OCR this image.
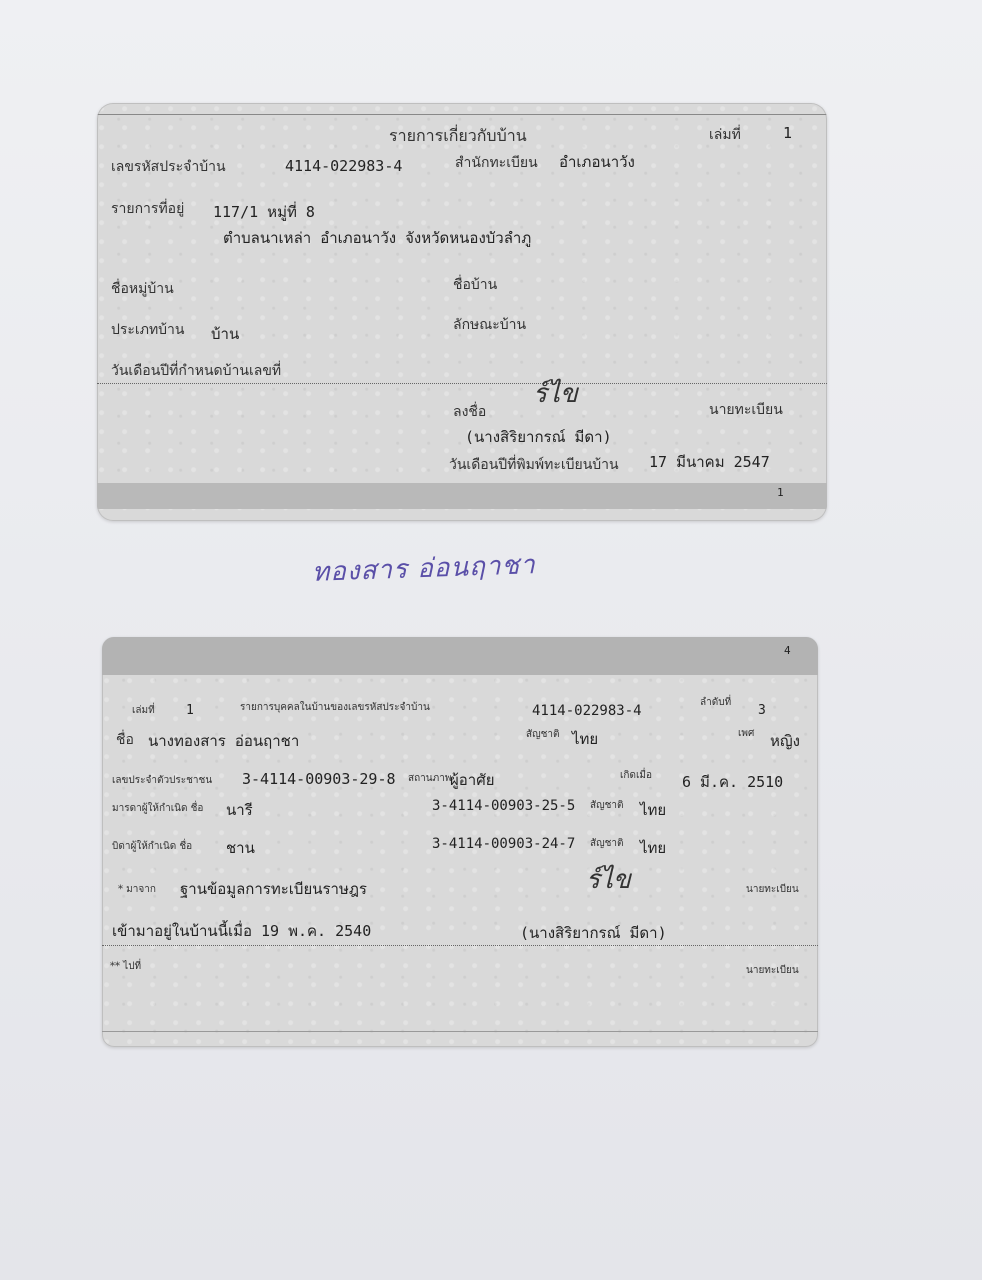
รายการเกี่ยวกับบ้าน	เล่มที่	1
เลขรหัสประจำบ้าน	4114-022983-4	สำนักทะเบียน อำเภอนาวัง
รายการที่อยู่ 117/1 หมู่ที่ 8
ตำบลนาเหล่า อำเภอนาวัง จังหวัดหนองบัวลำภู
ชื่อหมู่บ้าน	ชื่อบ้าน
ประเภทบ้าน บ้าน	ลักษณะบ้าน
วันเดือนปีที่กำหนดบ้านเลขที่
ลงชื่อ
ร์ไข
นายทะเบียน
(นางสิริยากรณ์ มีดา)
วันเดือนปีที่พิมพ์ทะเบียนบ้าน 17 มีนาคม 2547
1
ทองสาร อ่อนฤาชา
4
เล่มที่ 1	รายการบุคคลในบ้านของเลขรหัสประจำบ้าน	4114-022983-4
ลำดับที่
3
ชื่อ นางทองสาร อ่อนฤาชา	สัญชาติ ไทย	เพศ หญิง
เลขประจำตัวประชาชน 3-4114-00903-29-8 สถานภาพ
ผู้อาศัย	เกิดเมื่อ 6 มี.ค. 2510
มารดาผู้ให้กำเนิด ชื่อ นารี	3-4114-00903-25-5 สัญชาติ ไทย
บิดาผู้ให้กำเนิด ชื่อ ชาน	3-4114-00903-24-7 สัญชาติ ไทย
* มาจาก ฐานข้อมูลการทะเบียนราษฎร	ร์ไข	นายทะเบียน
เข้ามาอยู่ในบ้านนี้เมื่อ 19 พ.ค. 2540	(นางสิริยากรณ์ มีดา)
** ไปที่	นายทะเบียน
